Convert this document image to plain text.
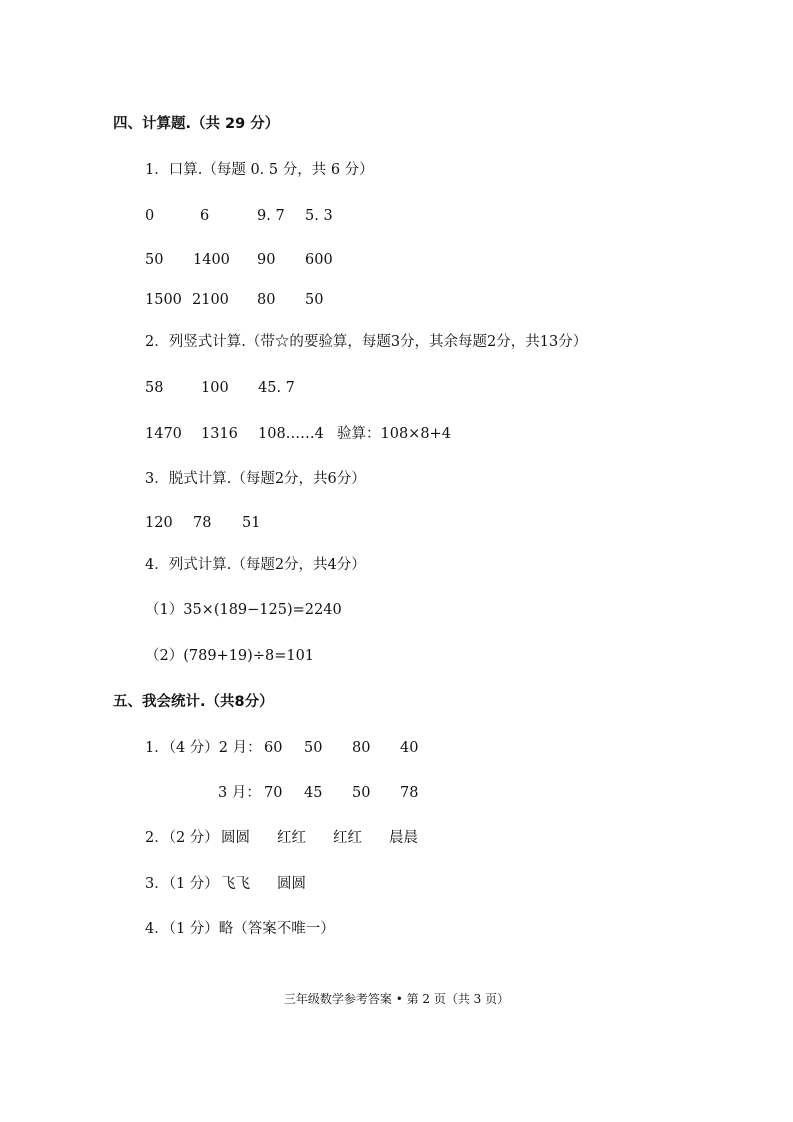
四、计算题.（共 29 分）
1．口算.（每题 0. 5 分，共 6 分）
0	6	9. 7 5. 3
50 1400 90 600
1500 2100 80 50
2．列竖式计算.（带☆的要验算，每题3分，其余每题2分，共13分）
58	100 45. 7
1470 1316 108……4 验算：108×8+4
3．脱式计算.（每题2分，共6分）
120 78 51
4．列式计算.（每题2分，共4分）
（1）35×(189−125)=2240
（2）(789+19)÷8=101
五、我会统计.（共8分）
1．（4 分）2 月： 60 50 80 40
3 月： 70 45 50 78
2．（2 分） 圆圆 红红 红红 晨晨
3．（1 分） 飞飞 圆圆
4．（1 分）略（答案不唯一）
三年级数学参考答案 • 第 2 页（共 3 页）
